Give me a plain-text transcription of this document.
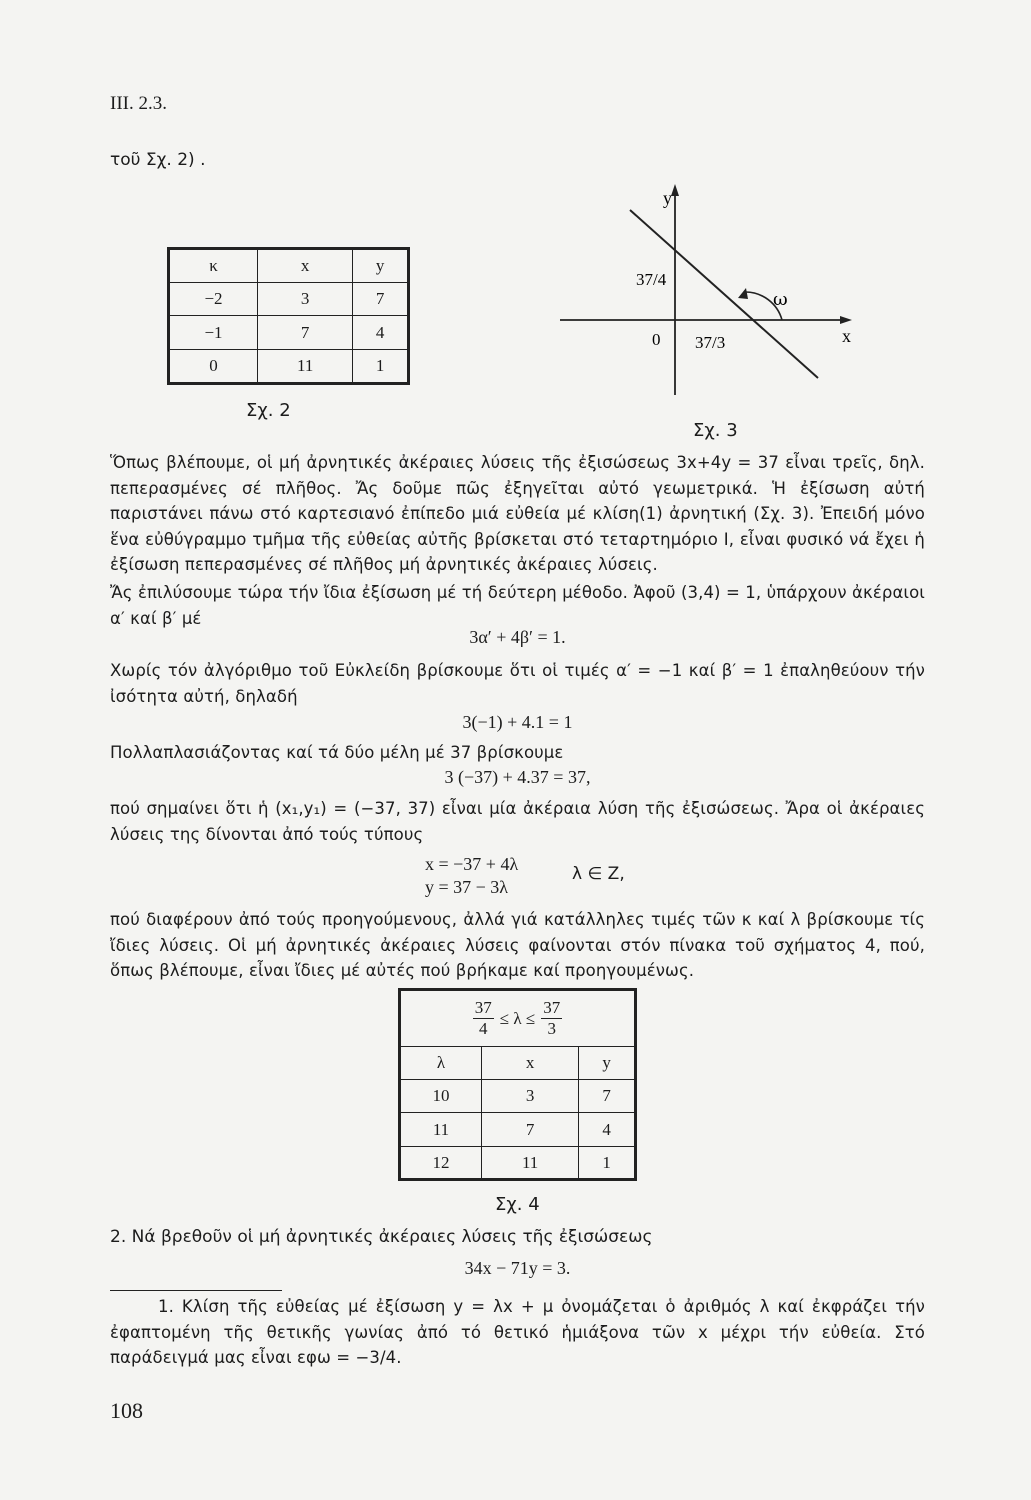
ΙΙΙ. 2.3.
τοῦ Σχ. 2) .
κ	x	y
−2	3	7
−1	7	4
0	11	1
Σχ. 2
y
x
0
37/4
37/3
ω
Σχ. 3
Ὅπως βλέπουμε, οἱ μή ἀρνητικές ἀκέραιες λύσεις τῆς ἐξισώσεως 3x+4y = 37 εἶναι τρεῖς, δηλ. πεπερασμένες σέ πλῆθος. Ἄς δοῦμε πῶς ἐξηγεῖται αὐτό γεωμετρικά. Ἡ ἐξίσωση αὐτή παριστάνει πάνω στό καρτεσιανό ἐπίπεδο μιά εὐθεία μέ κλίση(1) ἀρνητική (Σχ. 3). Ἐπειδή μόνο ἕνα εὐθύγραμμο τμῆμα τῆς εὐθείας αὐτῆς βρίσκεται στό τεταρτημόριο Ι, εἶναι φυσικό νά ἔχει ἡ ἐξίσωση πεπερασμένες σέ πλῆθος μή ἀρνητικές ἀκέραιες λύσεις.
Ἄς ἐπιλύσουμε τώρα τήν ἴδια ἐξίσωση μέ τή δεύτερη μέθοδο. Ἀφοῦ (3,4) = 1, ὑπάρχουν ἀκέραιοι α′ καί β′ μέ
3α′ + 4β′ = 1.
Χωρίς τόν ἀλγόριθμο τοῦ Εὐκλείδη βρίσκουμε ὅτι οἱ τιμές α′ = −1 καί β′ = 1 ἐπαληθεύουν τήν ἰσότητα αὐτή, δηλαδή
3(−1) + 4.1 = 1
Πολλαπλασιάζοντας καί τά δύο μέλη μέ 37 βρίσκουμε
3 (−37) + 4.37 = 37,
πού σημαίνει ὅτι ἡ (x₁,y₁) = (−37, 37) εἶναι μία ἀκέραια λύση τῆς ἐξισώσεως. Ἄρα οἱ ἀκέραιες λύσεις της δίνονται ἀπό τούς τύπους
x = −37 + 4λ
y = 37 − 3λ
λ ∈ Z,
πού διαφέρουν ἀπό τούς προηγούμενους, ἀλλά γιά κατάλληλες τιμές τῶν κ καί λ βρίσκουμε τίς ἴδιες λύσεις. Οἱ μή ἀρνητικές ἀκέραιες λύσεις φαίνονται στόν πίνακα τοῦ σχήματος 4, πού, ὅπως βλέπουμε, εἶναι ἴδιες μέ αὐτές πού βρήκαμε καί προηγουμένως.
$\frac{37}{4} \le \lambda \le \frac{37}{3}$
λ	x	y
10	3	7
11	7	4
12	11	1
Σχ. 4
2. Νά βρεθοῦν οἱ μή ἀρνητικές ἀκέραιες λύσεις τῆς ἐξισώσεως
34x − 71y = 3.
1. Κλίση τῆς εὐθείας μέ ἐξίσωση y = λx + μ ὀνομάζεται ὁ ἀριθμός λ καί ἐκφράζει τήν ἐφαπτομένη τῆς θετικῆς γωνίας ἀπό τό θετικό ἡμιάξονα τῶν x μέχρι τήν εὐθεία. Στό παράδειγμά μας εἶναι εφω = −3/4.
108
